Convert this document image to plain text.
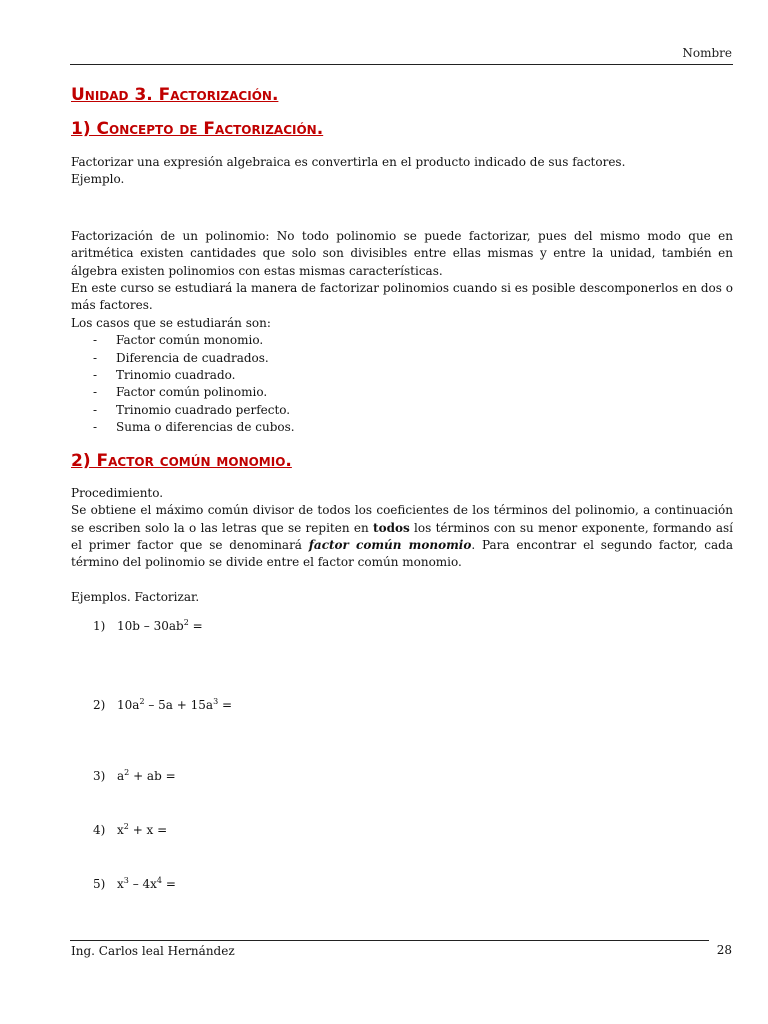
Nombre
Unidad 3. Factorización.
1) Concepto de Factorización.

Factorizar una expresión algebraica es convertirla en el producto indicado de sus factores.

Ejemplo.

Factorización de un polinomio: No todo polinomio se puede factorizar, pues del mismo modo que en aritmética existen cantidades que solo son divisibles entre ellas mismas y entre la unidad, también en álgebra existen polinomios con estas mismas características.

En este curso se estudiará la manera de factorizar polinomios cuando si es posible descomponerlos en dos o más factores.

Los casos que se estudiarán son:

-	Factor común monomio.
-	Diferencia de cuadrados.
-	Trinomio cuadrado.
-	Factor común polinomio.
-	Trinomio cuadrado perfecto.
-	Suma o diferencias de cubos.
2) Factor común monomio.

Procedimiento.

Se obtiene el máximo común divisor de todos los coeficientes de los términos del polinomio, a continuación se escriben solo la o las letras que se repiten en todos los términos con su menor exponente, formando así el primer factor que se denominará factor común monomio. Para encontrar el segundo factor, cada término del polinomio se divide entre el factor común monomio.

Ejemplos. Factorizar.

1) $10b - 30ab^2$ =
2) $10a^2 - 5a + 15a^3$ =
3) $a^2$ + ab =
4) $x^2 + x$ =
5) $x^3 - 4x^4$ =
Ing. Carlos leal Hernández	28
